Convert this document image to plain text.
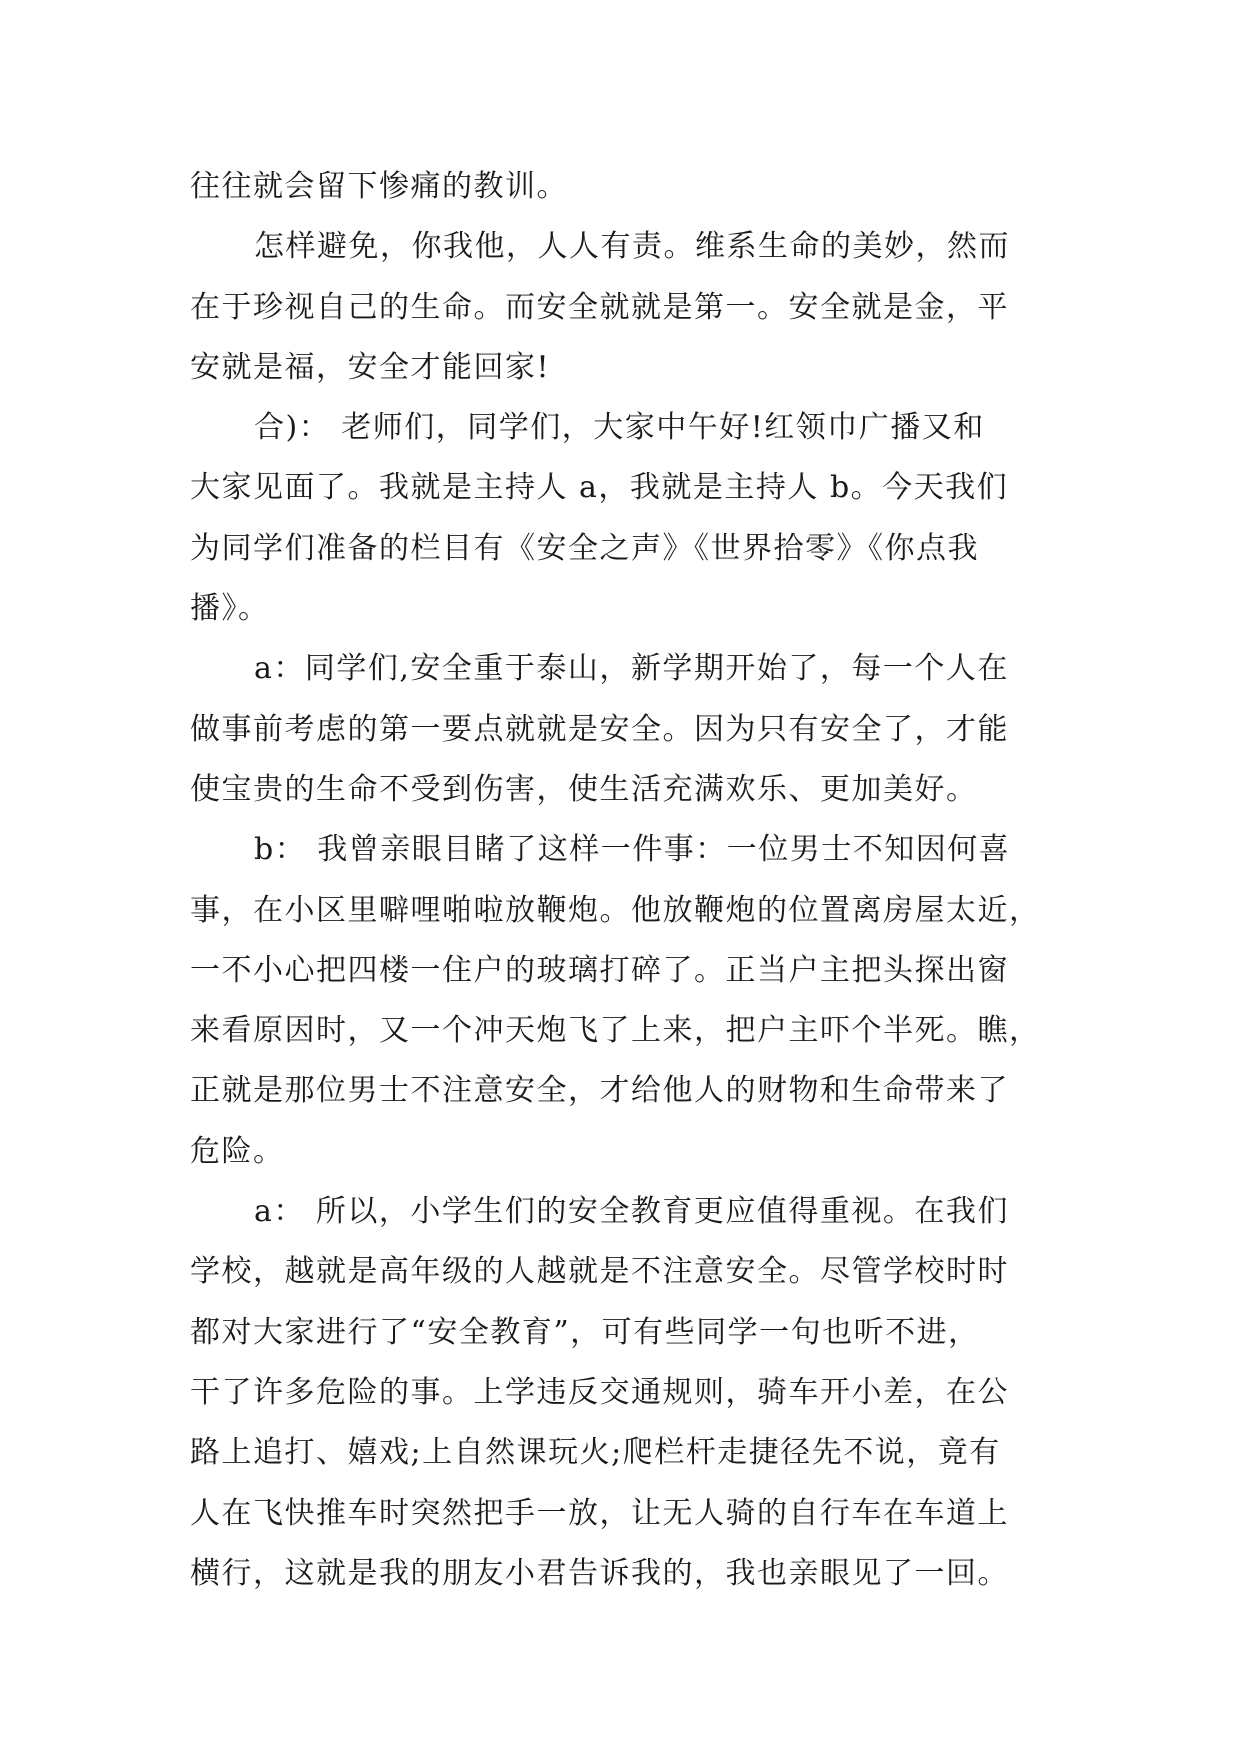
往往就会留下惨痛的教训。
怎样避免，你我他，人人有责。维系生命的美妙，然而
在于珍视自己的生命。而安全就就是第一。安全就是金，平
安就是福，安全才能回家!
合)： 老师们，同学们，大家中午好!红领巾广播又和
大家见面了。我就是主持人 a，我就是主持人 b。今天我们
为同学们准备的栏目有《安全之声》《世界拾零》《你点我
播》。
a：同学们,安全重于泰山，新学期开始了，每一个人在
做事前考虑的第一要点就就是安全。因为只有安全了，才能
使宝贵的生命不受到伤害，使生活充满欢乐、更加美好。
b： 我曾亲眼目睹了这样一件事：一位男士不知因何喜
事，在小区里噼哩啪啦放鞭炮。他放鞭炮的位置离房屋太近，
一不小心把四楼一住户的玻璃打碎了。正当户主把头探出窗
来看原因时，又一个冲天炮飞了上来，把户主吓个半死。瞧，
正就是那位男士不注意安全，才给他人的财物和生命带来了
危险。
a： 所以，小学生们的安全教育更应值得重视。在我们
学校，越就是高年级的人越就是不注意安全。尽管学校时时
都对大家进行了“安全教育”，可有些同学一句也听不进，
干了许多危险的事。上学违反交通规则，骑车开小差，在公
路上追打、嬉戏;上自然课玩火;爬栏杆走捷径先不说，竟有
人在飞快推车时突然把手一放，让无人骑的自行车在车道上
横行，这就是我的朋友小君告诉我的，我也亲眼见了一回。
